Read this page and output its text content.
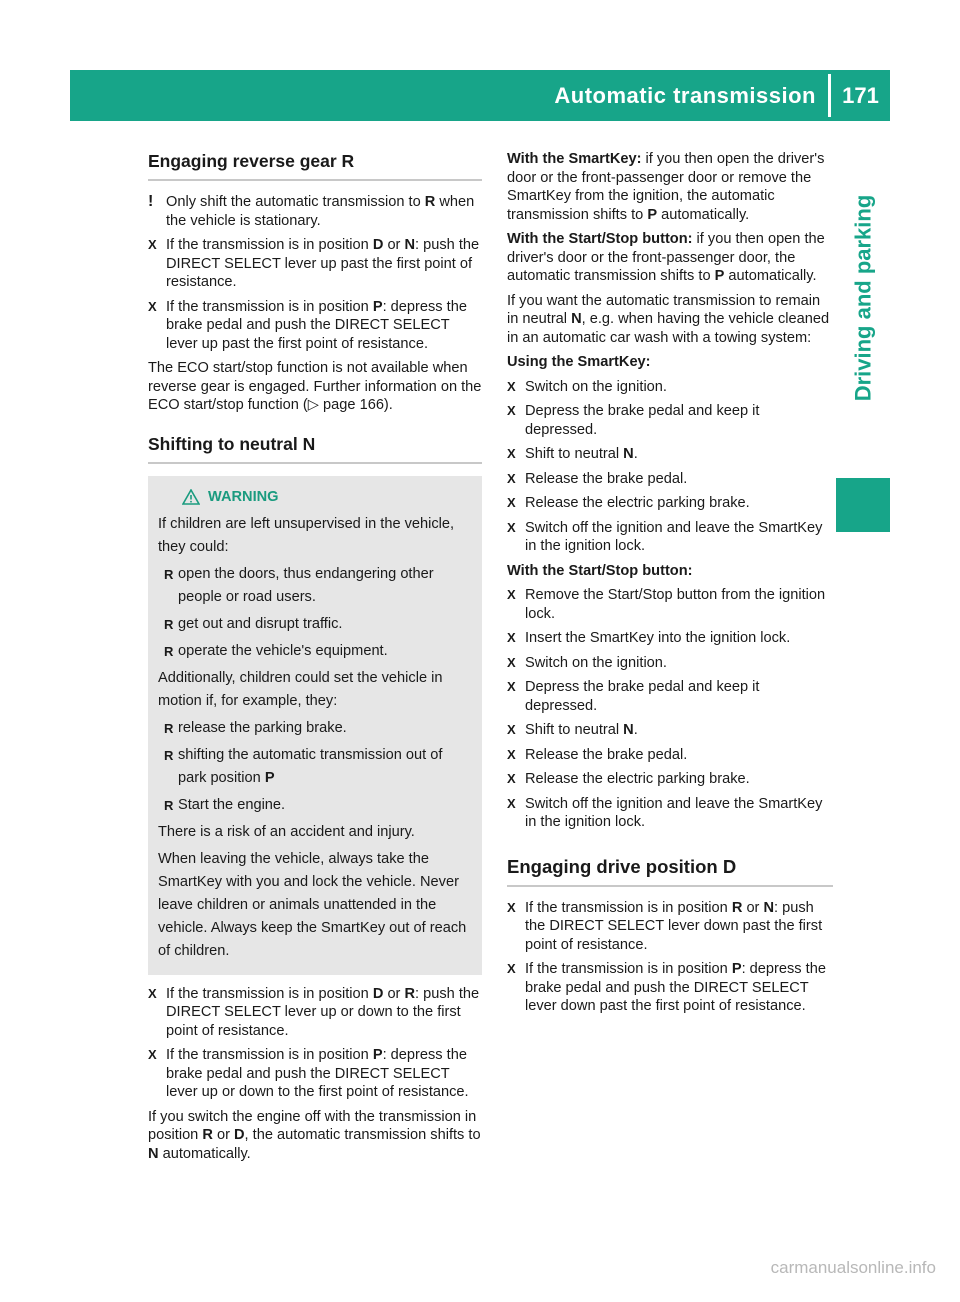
Automatic transmission	171
Driving and parking
Engaging reverse gear R
! Only shift the automatic transmission to R when the vehicle is stationary.
X If the transmission is in position D or N: push the DIRECT SELECT lever up past the first point of resistance.
X If the transmission is in position P: depress the brake pedal and push the DIRECT SELECT lever up past the first point of resistance.

The ECO start/stop function is not available when reverse gear is engaged. Further information on the ECO start/stop function (▷ page 166).

Shifting to neutral N
WARNING

If children are left unsupervised in the vehicle, they could:

R open the doors, thus endangering other people or road users.
R get out and disrupt traffic.
R operate the vehicle's equipment.

Additionally, children could set the vehicle in motion if, for example, they:

R release the parking brake.
R shifting the automatic transmission out of park position P
R Start the engine.

There is a risk of an accident and injury.

When leaving the vehicle, always take the SmartKey with you and lock the vehicle. Never leave children or animals unattended in the vehicle. Always keep the SmartKey out of reach of children.

X If the transmission is in position D or R: push the DIRECT SELECT lever up or down to the first point of resistance.
X If the transmission is in position P: depress the brake pedal and push the DIRECT SELECT lever up or down to the first point of resistance.

If you switch the engine off with the transmission in position R or D, the automatic transmission shifts to N automatically.

With the SmartKey: if you then open the driver's door or the front-passenger door or remove the SmartKey from the ignition, the automatic transmission shifts to P automatically.

With the Start/Stop button: if you then open the driver's door or the front-passenger door, the automatic transmission shifts to P automatically.

If you want the automatic transmission to remain in neutral N, e.g. when having the vehicle cleaned in an automatic car wash with a towing system:

Using the SmartKey:

X Switch on the ignition.
X Depress the brake pedal and keep it depressed.
X Shift to neutral N.
X Release the brake pedal.
X Release the electric parking brake.
X Switch off the ignition and leave the SmartKey in the ignition lock.

With the Start/Stop button:

X Remove the Start/Stop button from the ignition lock.
X Insert the SmartKey into the ignition lock.
X Switch on the ignition.
X Depress the brake pedal and keep it depressed.
X Shift to neutral N.
X Release the brake pedal.
X Release the electric parking brake.
X Switch off the ignition and leave the SmartKey in the ignition lock.
Engaging drive position D
X If the transmission is in position R or N: push the DIRECT SELECT lever down past the first point of resistance.
X If the transmission is in position P: depress the brake pedal and push the DIRECT SELECT lever down past the first point of resistance.
carmanualsonline.info
